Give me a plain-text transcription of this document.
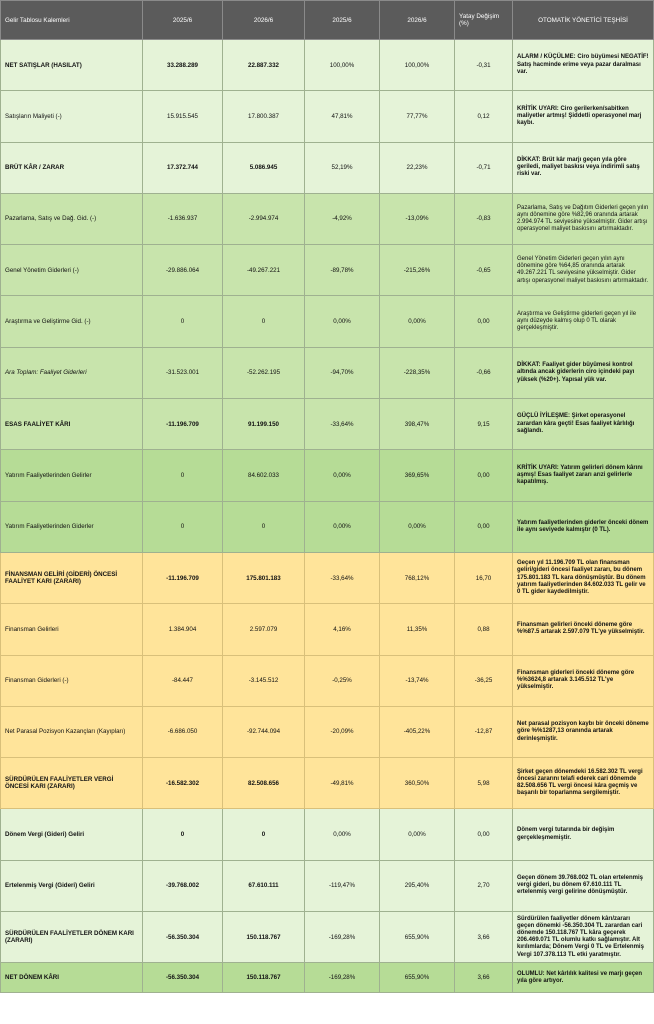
Gelir Tablosu Kalemleri	2025/6	2026/6	2025/6	2026/6	Yatay Değişim (%)	OTOMATİK YÖNETİCİ TEŞHİSİ
NET SATIŞLAR (HASILAT)	33.288.289	22.887.332	100,00%	100,00%	-0,31	ALARM / KÜÇÜLME: Ciro büyümesi NEGATİF! Satış hacminde erime veya pazar daralması var.
Satışların Maliyeti (-)	15.915.545	17.800.387	47,81%	77,77%	0,12	KRİTİK UYARI: Ciro gerilerken/sabitken maliyetler artmış! Şiddetli operasyonel marj kaybı.
BRÜT KÂR / ZARAR	17.372.744	5.086.945	52,19%	22,23%	-0,71	DİKKAT: Brüt kâr marjı geçen yıla göre geriledi, maliyet baskısı veya indirimli satış riski var.
Pazarlama, Satış ve Dağ. Gid. (-)	-1.636.937	-2.994.974	-4,92%	-13,09%	-0,83	Pazarlama, Satış ve Dağıtım Giderleri geçen yılın aynı dönemine göre %82,96 oranında artarak 2.994.974 TL seviyesine yükselmiştir. Gider artışı operasyonel maliyet baskısını artırmaktadır.
Genel Yönetim Giderleri (-)	-29.886.064	-49.267.221	-89,78%	-215,26%	-0,65	Genel Yönetim Giderleri geçen yılın aynı dönemine göre %64,85 oranında artarak 49.267.221 TL seviyesine yükselmiştir. Gider artışı operasyonel maliyet baskısını artırmaktadır.
Araştırma ve Geliştirme Gid. (-)	0	0	0,00%	0,00%	0,00	Araştırma ve Geliştirme giderleri geçen yıl ile aynı düzeyde kalmış olup 0 TL olarak gerçekleşmiştir.
Ara Toplam: Faaliyet Giderleri	-31.523.001	-52.262.195	-94,70%	-228,35%	-0,66	DİKKAT: Faaliyet gider büyümesi kontrol altında ancak giderlerin ciro içindeki payı yüksek (%20+). Yapısal yük var.
ESAS FAALİYET KÂRI	-11.196.709	91.199.150	-33,64%	398,47%	9,15	GÜÇLÜ İYİLEŞME: Şirket operasyonel zarardan kâra geçti! Esas faaliyet kârlılığı sağlandı.
Yatırım Faaliyetlerinden Gelirler	0	84.602.033	0,00%	369,65%	0,00	KRİTİK UYARI: Yatırım gelirleri dönem kârını aşmış! Esas faaliyet zararı arızi gelirlerle kapatılmış.
Yatırım Faaliyetlerinden Giderler	0	0	0,00%	0,00%	0,00	Yatırım faaliyetlerinden giderler önceki dönem ile aynı seviyede kalmıştır (0 TL).
FİNANSMAN GELİRİ (GİDERİ) ÖNCESİ FAALİYET KARI (ZARARI)	-11.196.709	175.801.183	-33,64%	768,12%	16,70	Geçen yıl 11.196.709 TL olan finansman geliri/gideri öncesi faaliyet zararı, bu dönem 175.801.183 TL kara dönüşmüştür. Bu dönem yatırım faaliyetlerinden 84.602.033 TL gelir ve 0 TL gider kaydedilmiştir.
Finansman Gelirleri	1.384.904	2.597.079	4,16%	11,35%	0,88	Finansman gelirleri önceki döneme göre %%87.5 artarak 2.597.079 TL'ye yükselmiştir.
Finansman Giderleri (-)	-84.447	-3.145.512	-0,25%	-13,74%	-36,25	Finansman giderleri önceki döneme göre %%3624,8 artarak 3.145.512 TL'ye yükselmiştir.
Net Parasal Pozisyon Kazançları (Kayıpları)	-6.686.050	-92.744.094	-20,09%	-405,22%	-12,87	Net parasal pozisyon kaybı bir önceki döneme göre %%1287,13 oranında artarak derinleşmiştir.
SÜRDÜRÜLEN FAALİYETLER VERGİ ÖNCESİ KARI (ZARARI)	-16.582.302	82.508.656	-49,81%	360,50%	5,98	Şirket geçen dönemdeki 16.582.302 TL vergi öncesi zararını telafi ederek cari dönemde 82.508.656 TL vergi öncesi kâra geçmiş ve başarılı bir toparlanma sergilemiştir.
Dönem Vergi (Gideri) Geliri	0	0	0,00%	0,00%	0,00	Dönem vergi tutarında bir değişim gerçekleşmemiştir.
Ertelenmiş Vergi (Gideri) Geliri	-39.768.002	67.610.111	-119,47%	295,40%	2,70	Geçen dönem 39.768.002 TL olan ertelenmiş vergi gideri, bu dönem 67.610.111 TL ertelenmiş vergi gelirine dönüşmüştür.
SÜRDÜRÜLEN FAALİYETLER DÖNEM KARI (ZARARI)	-56.350.304	150.118.767	-169,28%	655,90%	3,66	Sürdürülen faaliyetler dönem kârı/zararı geçen dönemki -56.350.304 TL zarardan cari dönemde 150.118.767 TL kâra geçerek 206.469.071 TL olumlu katkı sağlamıştır. Alt kırılımlarda; Dönem Vergi 0 TL ve Ertelenmiş Vergi 107.378.113 TL etki yaratmıştır.
NET DÖNEM KÂRI	-56.350.304	150.118.767	-169,28%	655,90%	3,66	OLUMLU: Net kârlılık kalitesi ve marjı geçen yıla göre artıyor.
